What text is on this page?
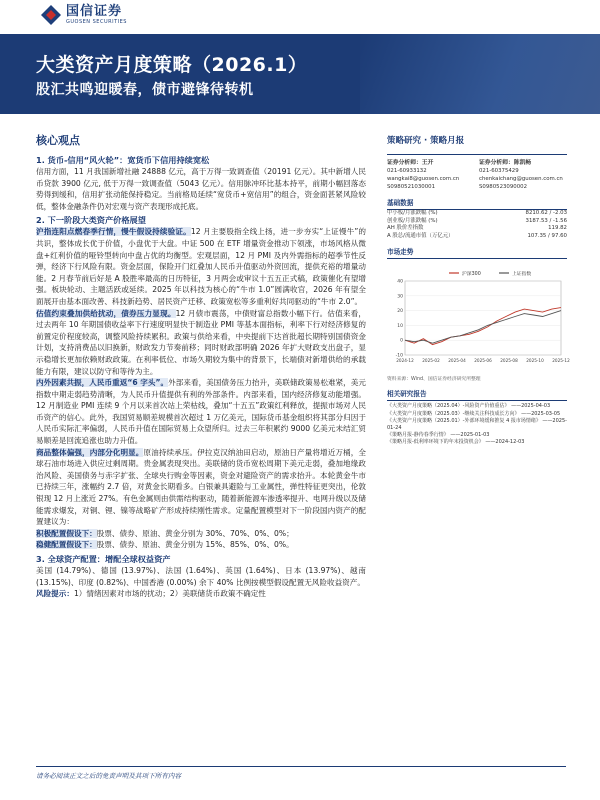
国信证券
GUOSEN SECURITIES
大类资产月度策略（2026.1）
股汇共鸣迎暖春，债市避锋待转机
核心观点
1. 货币-信用“风火轮”：宽货币下信用持续宽松
信用方面，11 月我国新增社融 24888 亿元，高于万得一致调查值（20191 亿元）。其中新增人民币贷款 3900 亿元, 低于万得一致调查值（5043 亿元）。信用脉冲环比基本持平，前期小幅回落态势得到缓和，信用扩张动能保持稳定。当前格局延续“宽货币+宽信用”的组合，资金面甚紧风险较低，整体金融条件仍对宏观与资产表现形成托底。
2. 下一阶段大类资产价格展望
沪指连阳点燃春季行情，慢牛假设持续验证。12 月主要股指全线上扬，进一步夯实“上证慢牛”的共识，整体成长优于价值，小盘优于大盘。中证 500 在 ETF 增量资金推动下领涨，市场风格从微盘+红利价值的哑铃型转向中盘占优的均衡型。宏观层面，12 月 PMI 及内外需指标的超季节性反弹，经济下行风险有限。资金层面，保险开门红叠加人民币升值驱动外资回流，提供充裕的增量动能。2 月春节前后好是 A 股胜率最高的日历特征，3 月两会或审议十五五正式稿，政策催化有望增强。板块轮动、主题活跃或延续。2025 年以科技为核心的“牛市 1.0”圆满收官，2026 年有望全面展开由基本面改善、科技新趋势、居民资产迁移、政策宽松等多重利好共同驱动的“牛市 2.0”。
估值约束叠加供给扰动，债券压力显现。12 月债市震荡，中债财富总指数小幅下行。估值来看，过去两年 10 年期国债收益率下行速度明显快于制造业 PMI 等基本面指标，利率下行对经济修复的前置定价程度较高，调整风险持续累积。政策与供给来看，中央提前下达首批超长期特别国债资金计划，支持消费品以旧换新，财政发力节奏前移；同时财政部明确 2026 年扩大财政支出盘子，显示稳增长更加依赖财政政策。在利率低位、市场久期较为集中的背景下，长端债对新增供给的承载能力有限，建议以防守和等待为主。
内外因素共振，人民币重返“6 字头”。外部来看，美国债务压力抬升，美联储政策易松难紧，美元指数中期走弱趋势清晰，为人民币升值提供有利的外部条件。内部来看，国内经济修复动能增强。12 月制造业 PMI 连续 9 个月以来首次站上荣枯线，叠加“十五五”政策红利释放，提振市场对人民币资产的信心。此外，我国贸易顺差规模首次超过 1 万亿美元，国际货币基金组织将其部分归因于人民币实际汇率偏弱，人民币升值在国际贸易上众望所归。过去三年积累约 9000 亿美元未结汇贸易顺差是回流追涨也助力升值。
商品整体偏强，内部分化明显。原油持续承压。伊拉克汉纳油田启动，原油日产量将增近万桶，全球石油市场进入供应过剩周期。贵金属表现突出。美联储的货币宽松周期下美元走弱，叠加地缘政治风险、美国债务与赤字扩张、全球央行购金等因素，资金对避险资产的需求抬升。本轮黄金牛市已持续三年，涨幅约 2.7 倍，对黄金长期看多。白银兼具避险与工业属性，弹性特征更突出，伦敦银现 12 月上涨近 27%。有色金属则由供需结构驱动，随着新能源车渗透率提升、电网升级以及储能需求爆发，对铜、锂、镍等战略矿产形成持续刚性需求。定量配置模型对下一阶段国内资产的配置建议为：
积极配置假设下：股票、债券、原油、黄金分别为 30%、70%、0%、0%；
稳健配置假设下：股票、债券、原油、黄金分别为 15%、85%、0%、0%。
3. 全球资产配置：增配全球权益资产
美国 (14.79%)、德国 (13.97%)、法国 (1.64%)、英国 (1.64%)、日本 (13.97%)、越南 (13.15%)、印度 (0.82%)、中国香港 (0.00%) 余下 40% 比例按模型假设配置无风险收益资产。
风险提示：1）情绪因素对市场的扰动；2）美联储货币政策不确定性
策略研究 · 策略月报
证券分析师：王开
021-60933132
wangkai8@guosen.com.cn
S0980521030001
证券分析师：陈凯畅
021-60375429
chenkaichang@guosen.com.cn
S0980523090002
基础数据
中小板/月涨跌幅 (%)	8210.62 / -2.03
创业板/月涨跌幅 (%)	3187.53 / -1.56
AH 股价差指数	119.82
A 股总/流通市值（万亿元）	107.35 / 97.60
市场走势
-10
0
10
20
30
40
2024-12 2025-02 2025-04 2025-06 2025-08 2025-10 2025-12
沪深300	上证指数
资料来源：Wind、国信证券经济研究所整理
相关研究报告
《大类资产月度策略（2025.04）-风险资产价值重估》 ——2025-04-03
《大类资产月度策略（2025.03）-继续关注科技成长方向》 ——2025-03-05
《大类资产月度策略（2025.01）-外部环境缓和推复 4 报市场情绪》 ——2025-01-24
《策略月报-静待春季行情》 ——2025-01-03
《策略月报-低利率环境下的年末投资机会》 ——2024-12-03
请务必阅读正文之后的免责声明及其项下所有内容
